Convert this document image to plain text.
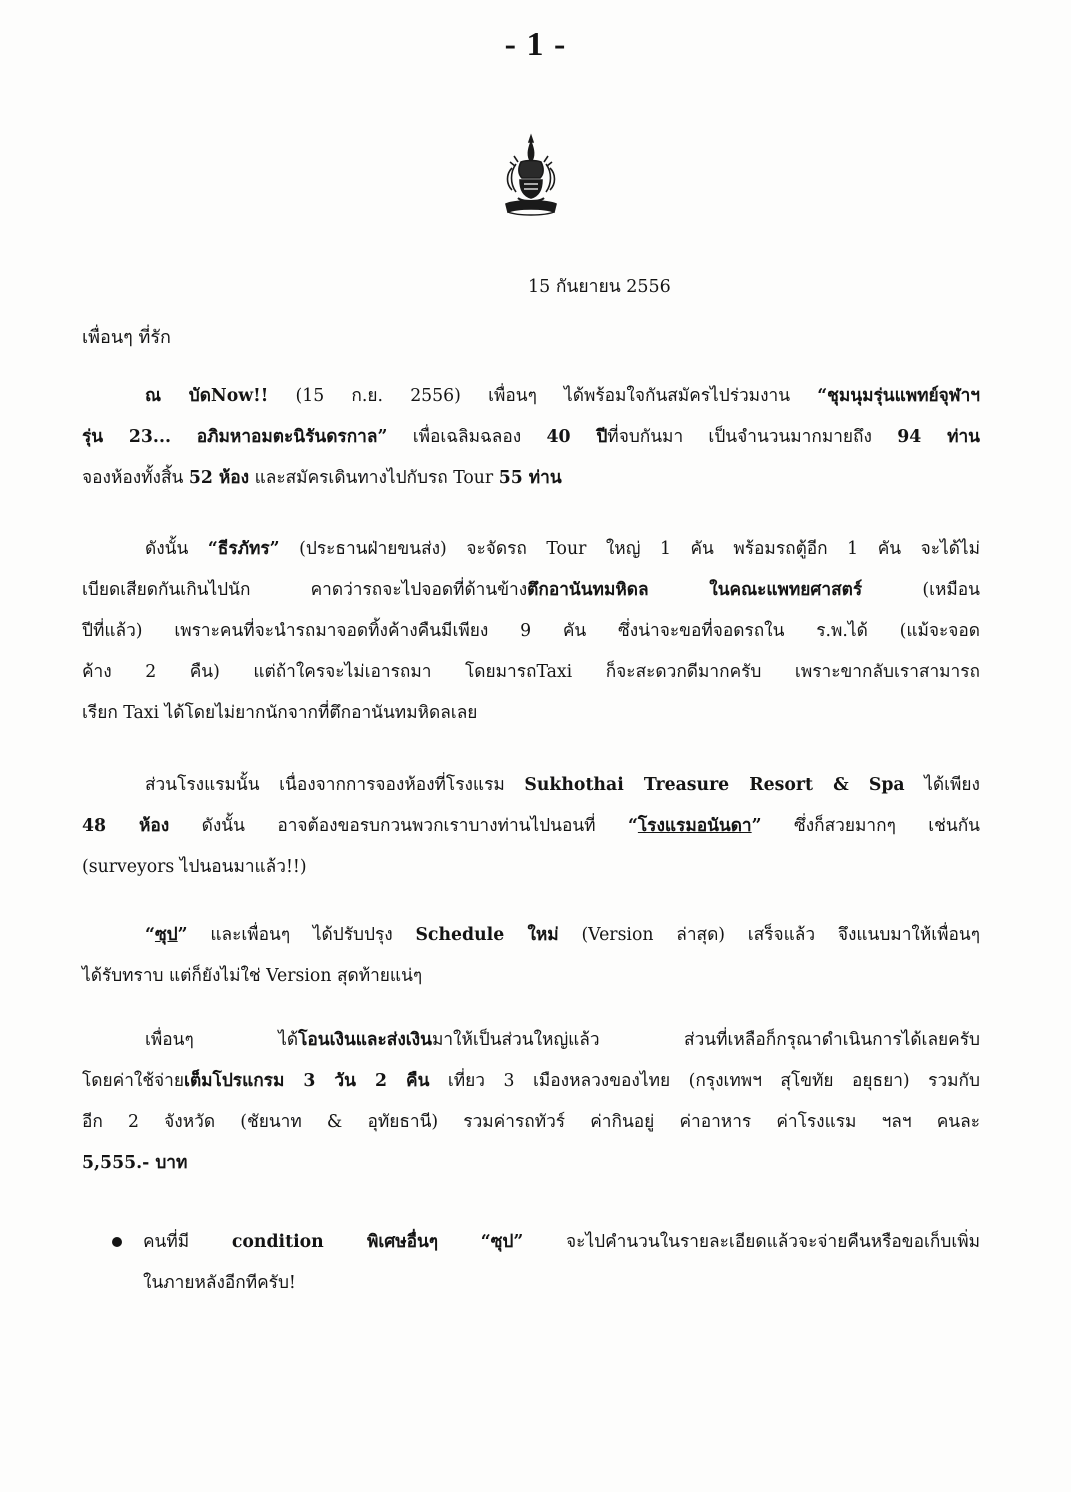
- 1 -
15 กันยายน 2556
เพื่อนๆ ที่รัก
ณ บัดNow!! (15 ก.ย. 2556) เพื่อนๆ ได้พร้อมใจกันสมัครไปร่วมงาน “ชุมนุมรุ่นแพทย์จุฬาฯ
รุ่น 23... อภิมหาอมตะนิรันดรกาล” เพื่อเฉลิมฉลอง 40 ปีที่จบกันมา เป็นจำนวนมากมายถึง 94 ท่าน
จองห้องทั้งสิ้น 52 ห้อง และสมัครเดินทางไปกับรถ Tour 55 ท่าน
ดังนั้น “ธีรภัทร” (ประธานฝ่ายขนส่ง) จะจัดรถ Tour ใหญ่ 1 คัน พร้อมรถตู้อีก 1 คัน จะได้ไม่
เบียดเสียดกันเกินไปนัก คาดว่ารถจะไปจอดที่ด้านข้างตึกอานันทมหิดล ในคณะแพทยศาสตร์ (เหมือน
ปีที่แล้ว) เพราะคนที่จะนำรถมาจอดทิ้งค้างคืนมีเพียง 9 คัน ซึ่งน่าจะขอที่จอดรถใน ร.พ.ได้ (แม้จะจอด
ค้าง 2 คืน) แต่ถ้าใครจะไม่เอารถมา โดยมารถTaxi ก็จะสะดวกดีมากครับ เพราะขากลับเราสามารถ
เรียก Taxi ได้โดยไม่ยากนักจากที่ตึกอานันทมหิดลเลย
ส่วนโรงแรมนั้น เนื่องจากการจองห้องที่โรงแรม Sukhothai Treasure Resort & Spa ได้เพียง
48 ห้อง ดังนั้น อาจต้องขอรบกวนพวกเราบางท่านไปนอนที่ “โรงแรมอนันดา” ซึ่งก็สวยมากๆ เช่นกัน
(surveyors ไปนอนมาแล้ว!!)
“ซุป” และเพื่อนๆ ได้ปรับปรุง Schedule ใหม่ (Version ล่าสุด) เสร็จแล้ว จึงแนบมาให้เพื่อนๆ
ได้รับทราบ แต่ก็ยังไม่ใช่ Version สุดท้ายแน่ๆ
เพื่อนๆ ได้โอนเงินและส่งเงินมาให้เป็นส่วนใหญ่แล้ว ส่วนที่เหลือก็กรุณาดำเนินการได้เลยครับ
โดยค่าใช้จ่ายเต็มโปรแกรม 3 วัน 2 คืน เที่ยว 3 เมืองหลวงของไทย (กรุงเทพฯ สุโขทัย อยุธยา) รวมกับ
อีก 2 จังหวัด (ชัยนาท & อุทัยธานี) รวมค่ารถทัวร์ ค่ากินอยู่ ค่าอาหาร ค่าโรงแรม ฯลฯ คนละ
5,555.- บาท
คนที่มี condition พิเศษอื่นๆ “ซุป” จะไปคำนวนในรายละเอียดแล้วจะจ่ายคืนหรือขอเก็บเพิ่ม
ในภายหลังอีกทีครับ!
